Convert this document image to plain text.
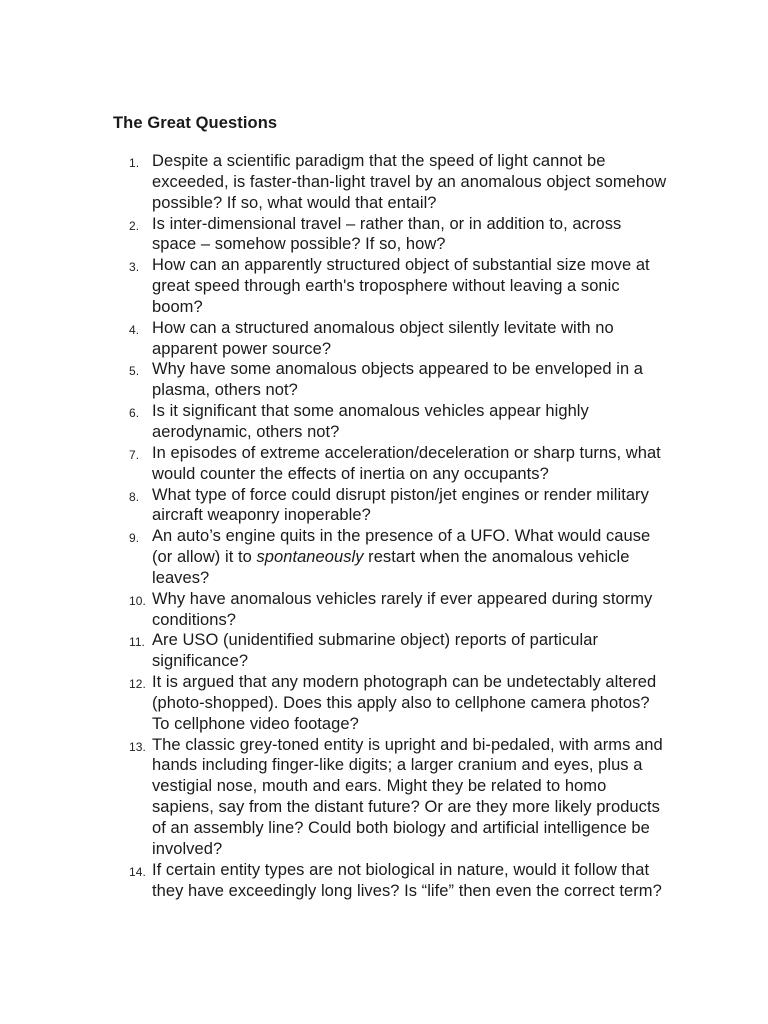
The Great Questions
1. Despite a scientific paradigm that the speed of light cannot be exceeded, is faster-than-light travel by an anomalous object somehow possible? If so, what would that entail?
2. Is inter-dimensional travel – rather than, or in addition to, across space – somehow possible? If so, how?
3. How can an apparently structured object of substantial size move at great speed through earth's troposphere without leaving a sonic boom?
4. How can a structured anomalous object silently levitate with no apparent power source?
5. Why have some anomalous objects appeared to be enveloped in a plasma, others not?
6. Is it significant that some anomalous vehicles appear highly aerodynamic, others not?
7. In episodes of extreme acceleration/deceleration or sharp turns, what would counter the effects of inertia on any occupants?
8. What type of force could disrupt piston/jet engines or render military aircraft weaponry inoperable?
9. An auto’s engine quits in the presence of a UFO. What would cause (or allow) it to spontaneously restart when the anomalous vehicle leaves?
10. Why have anomalous vehicles rarely if ever appeared during stormy conditions?
11. Are USO (unidentified submarine object) reports of particular significance?
12. It is argued that any modern photograph can be undetectably altered (photo-shopped). Does this apply also to cellphone camera photos? To cellphone video footage?
13. The classic grey-toned entity is upright and bi-pedaled, with arms and hands including finger-like digits; a larger cranium and eyes, plus a vestigial nose, mouth and ears. Might they be related to homo sapiens, say from the distant future? Or are they more likely products of an assembly line? Could both biology and artificial intelligence be involved?
14. If certain entity types are not biological in nature, would it follow that they have exceedingly long lives? Is “life” then even the correct term?
